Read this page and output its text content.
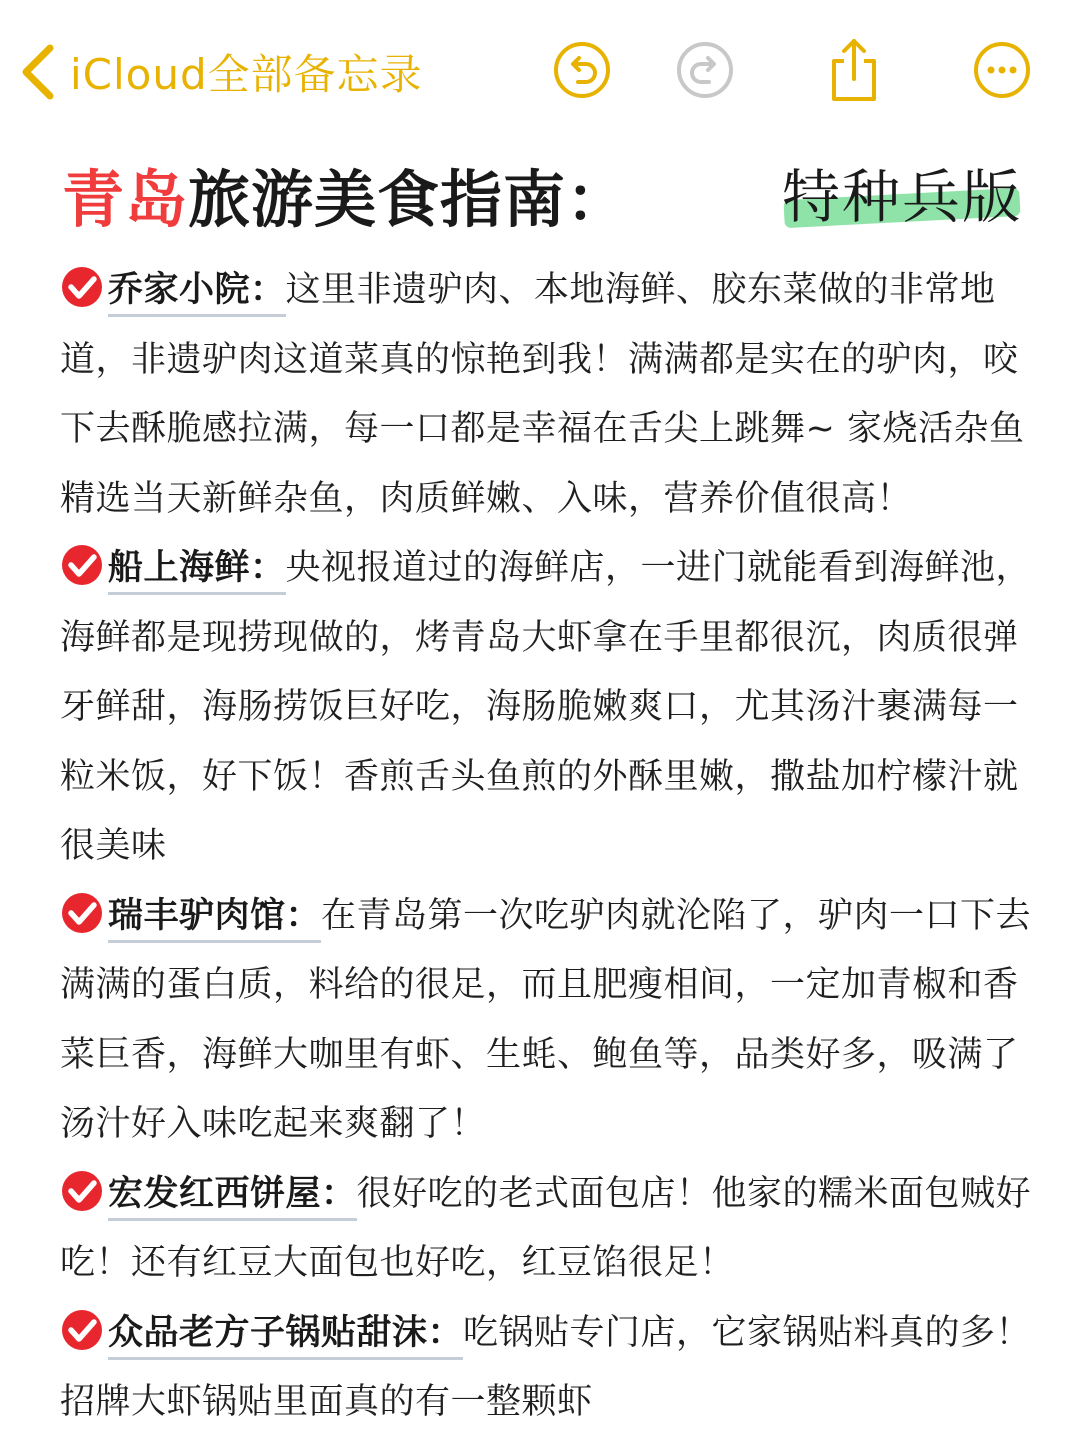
iCloud全部备忘录
青岛旅游美食指南：	特种兵版
乔家小院：这里非遗驴肉、本地海鲜、胶东菜做的非常地道，非遗驴肉这道菜真的惊艳到我！满满都是实在的驴肉，咬下去酥脆感拉满，每一口都是幸福在舌尖上跳舞~ 家烧活杂鱼精选当天新鲜杂鱼，肉质鲜嫩、入味，营养价值很高！
船上海鲜：央视报道过的海鲜店，一进门就能看到海鲜池，海鲜都是现捞现做的，烤青岛大虾拿在手里都很沉，肉质很弹牙鲜甜，海肠捞饭巨好吃，海肠脆嫩爽口，尤其汤汁裹满每一粒米饭，好下饭！香煎舌头鱼煎的外酥里嫩，撒盐加柠檬汁就很美味
瑞丰驴肉馆：在青岛第一次吃驴肉就沦陷了，驴肉一口下去满满的蛋白质，料给的很足，而且肥瘦相间，一定加青椒和香菜巨香，海鲜大咖里有虾、生蚝、鲍鱼等，品类好多，吸满了汤汁好入味吃起来爽翻了！
宏发红西饼屋：很好吃的老式面包店！他家的糯米面包贼好吃！还有红豆大面包也好吃，红豆馅很足！
众品老方子锅贴甜沫：吃锅贴专门店，它家锅贴料真的多！招牌大虾锅贴里面真的有一整颗虾
